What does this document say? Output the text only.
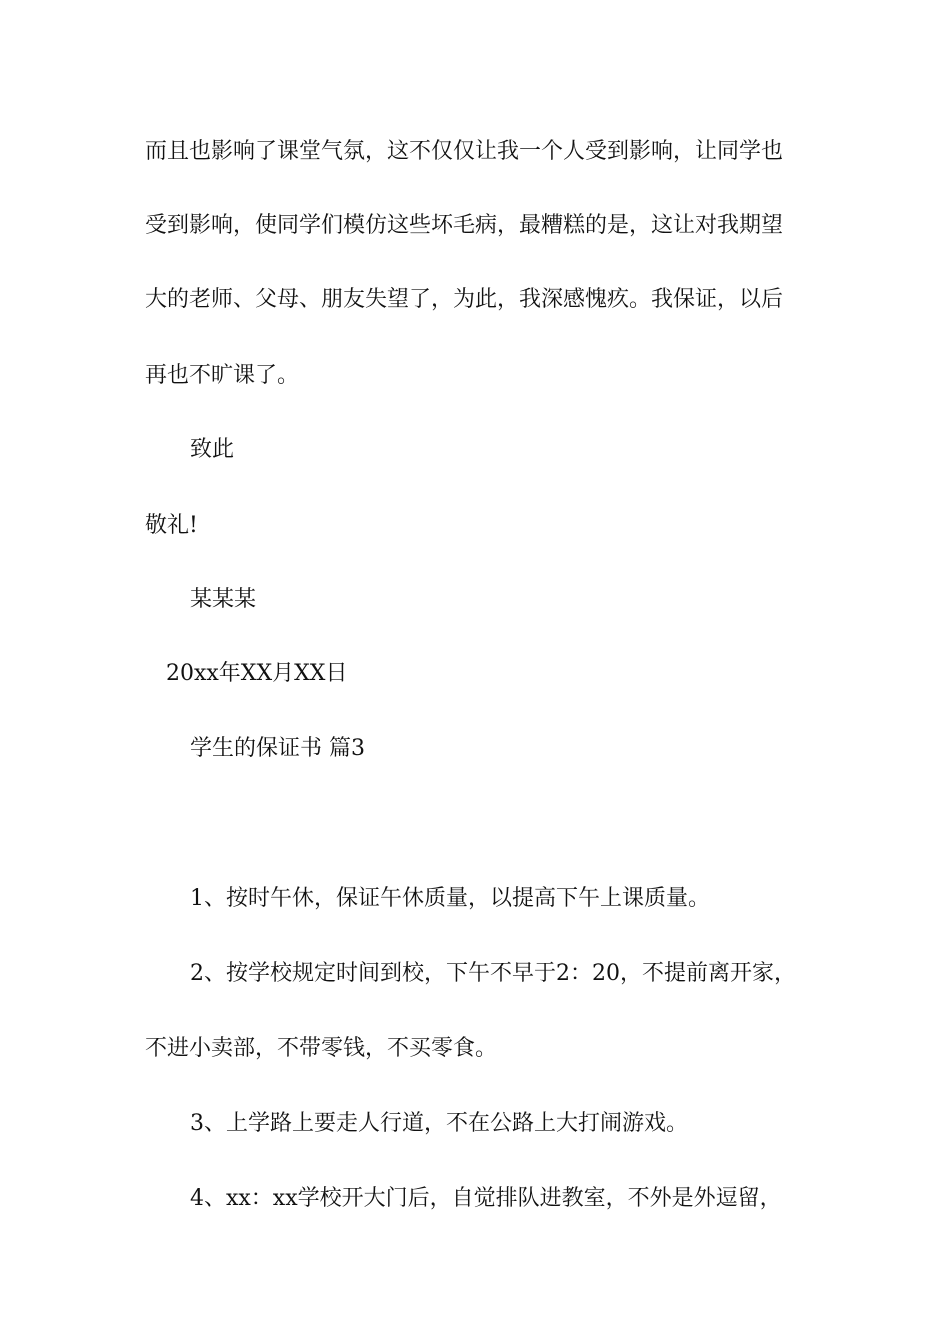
而且也影响了课堂气氛，这不仅仅让我一个人受到影响，让同学也
受到影响，使同学们模仿这些坏毛病，最糟糕的是，这让对我期望
大的老师、父母、朋友失望了，为此，我深感愧疚。我保证，以后
再也不旷课了。
致此
敬礼!
某某某
20xx年XX月XX日
学生的保证书 篇3
1、按时午休，保证午休质量，以提高下午上课质量。
2、按学校规定时间到校，下午不早于2：20，不提前离开家，
不进小卖部，不带零钱，不买零食。
3、上学路上要走人行道，不在公路上大打闹游戏。
4、xx：xx学校开大门后，自觉排队进教室，不外是外逗留，
